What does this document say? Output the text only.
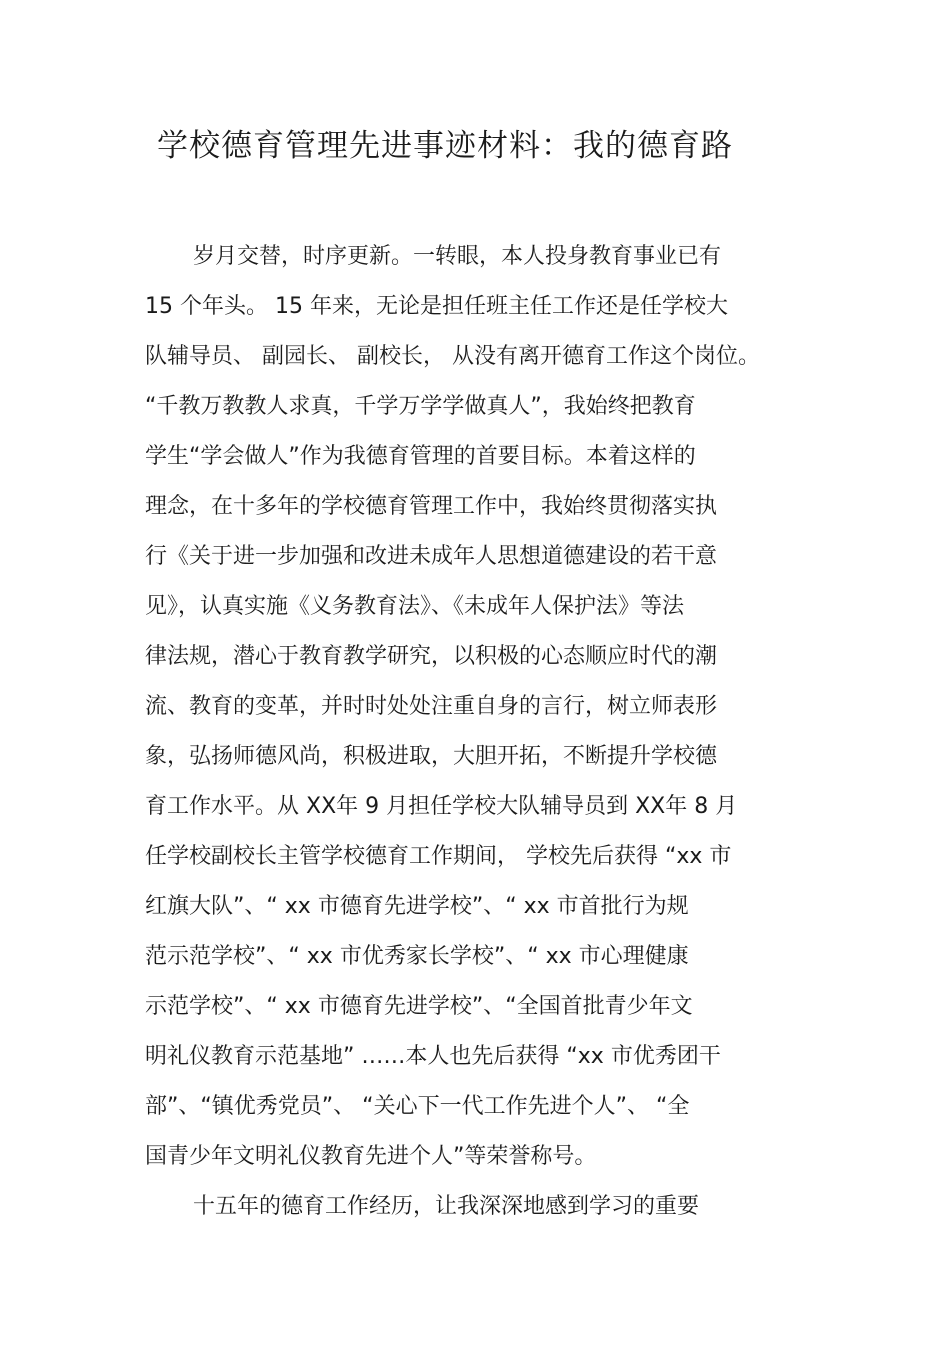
学校德育管理先进事迹材料：我的德育路
岁月交替，时序更新。一转眼，本人投身教育事业已有
15 个年头。 15 年来，无论是担任班主任工作还是任学校大
队辅导员、 副园长、 副校长， 从没有离开德育工作这个岗位。
“千教万教教人求真，千学万学学做真人”，我始终把教育
学生“学会做人”作为我德育管理的首要目标。本着这样的
理念，在十多年的学校德育管理工作中，我始终贯彻落实执
行《关于进一步加强和改进未成年人思想道德建设的若干意
见》，认真实施《义务教育法》、《未成年人保护法》等法
律法规，潜心于教育教学研究，以积极的心态顺应时代的潮
流、教育的变革，并时时处处注重自身的言行，树立师表形
象，弘扬师德风尚，积极进取，大胆开拓，不断提升学校德
育工作水平。从 XX年 9 月担任学校大队辅导员到 XX年 8 月
任学校副校长主管学校德育工作期间， 学校先后获得 “xx 市
红旗大队”、“ xx 市德育先进学校”、“ xx 市首批行为规
范示范学校”、“ xx 市优秀家长学校”、“ xx 市心理健康
示范学校”、“ xx 市德育先进学校”、“全国首批青少年文
明礼仪教育示范基地” ……本人也先后获得 “xx 市优秀团干
部”、“镇优秀党员”、 “关心下一代工作先进个人”、 “全
国青少年文明礼仪教育先进个人”等荣誉称号。
十五年的德育工作经历，让我深深地感到学习的重要
